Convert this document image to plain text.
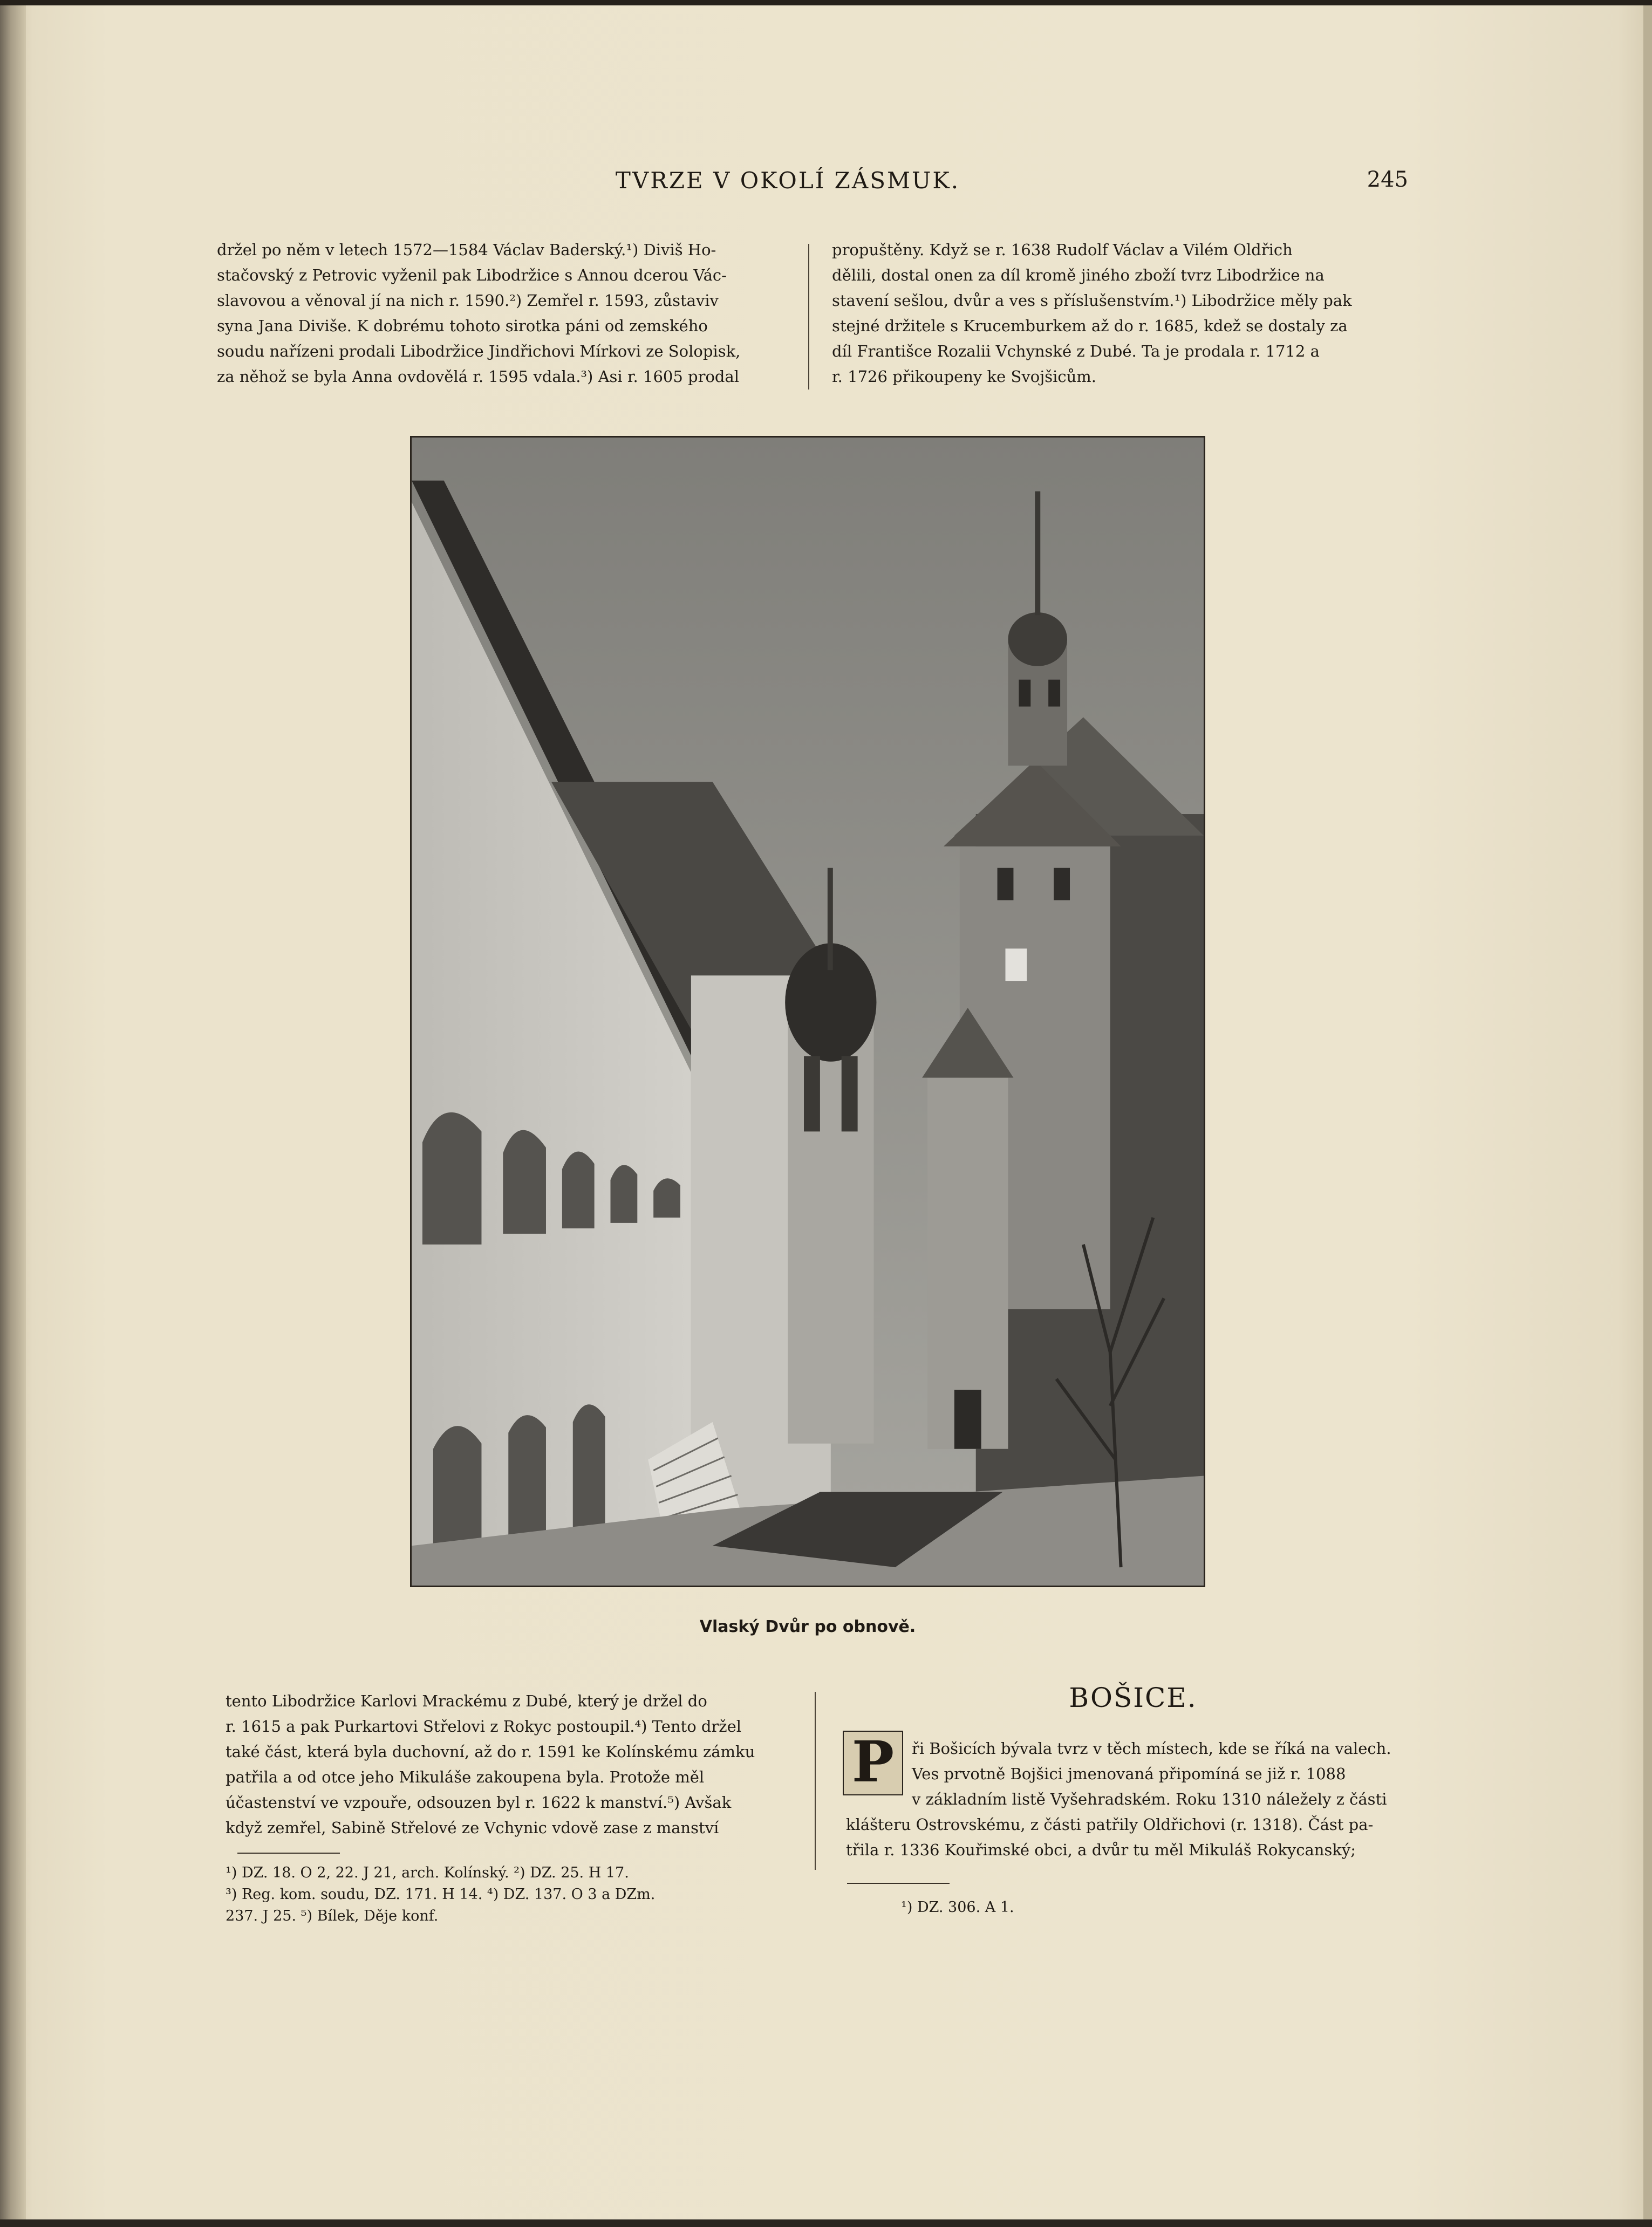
TVRZE V OKOLÍ ZÁSMUK.	245

držel po něm v letech 1572—1584 Václav Baderský.¹) Diviš Ho-

stačovský z Petrovic vyženil pak Libodržice s Annou dcerou Vác-

slavovou a věnoval jí na nich r. 1590.²) Zemřel r. 1593, zůstaviv

syna Jana Diviše. K dobrému tohoto sirotka páni od zemského

soudu nařízeni prodali Libodržice Jindřichovi Mírkovi ze Solopisk,

za něhož se byla Anna ovdovělá r. 1595 vdala.³) Asi r. 1605 prodal

propuštěny. Když se r. 1638 Rudolf Václav a Vilém Oldřich

dělili, dostal onen za díl kromě jiného zboží tvrz Libodržice na

stavení sešlou, dvůr a ves s příslušenstvím.¹) Libodržice měly pak

stejné držitele s Krucemburkem až do r. 1685, kdež se dostaly za

díl Františce Rozalii Vchynské z Dubé. Ta je prodala r. 1712 a

r. 1726 přikoupeny ke Svojšicům.

Vlaský Dvůr po obnově.

tento Libodržice Karlovi Mrackému z Dubé, který je držel do

r. 1615 a pak Purkartovi Střelovi z Rokyc postoupil.⁴) Tento držel

také část, která byla duchovní, až do r. 1591 ke Kolínskému zámku

patřila a od otce jeho Mikuláše zakoupena byla. Protože měl

účastenství ve vzpouře, odsouzen byl r. 1622 k manství.⁵) Avšak

když zemřel, Sabině Střelové ze Vchynic vdově zase z manství

¹) DZ. 18. O 2, 22. J 21, arch. Kolínský. ²) DZ. 25. H 17.

³) Reg. kom. soudu, DZ. 171. H 14. ⁴) DZ. 137. O 3 a DZm.

237. J 25. ⁵) Bílek, Děje konf.

BOŠICE.
P	ři Bošicích bývala tvrz v těch místech, kde se říká na valech.

Ves prvotně Bojšici jmenovaná připomíná se již r. 1088

v základním listě Vyšehradském. Roku 1310 náležely z části

klášteru Ostrovskému, z části patřily Oldřichovi (r. 1318). Část pa-

třila r. 1336 Kouřimské obci, a dvůr tu měl Mikuláš Rokycanský;

¹) DZ. 306. A 1.
